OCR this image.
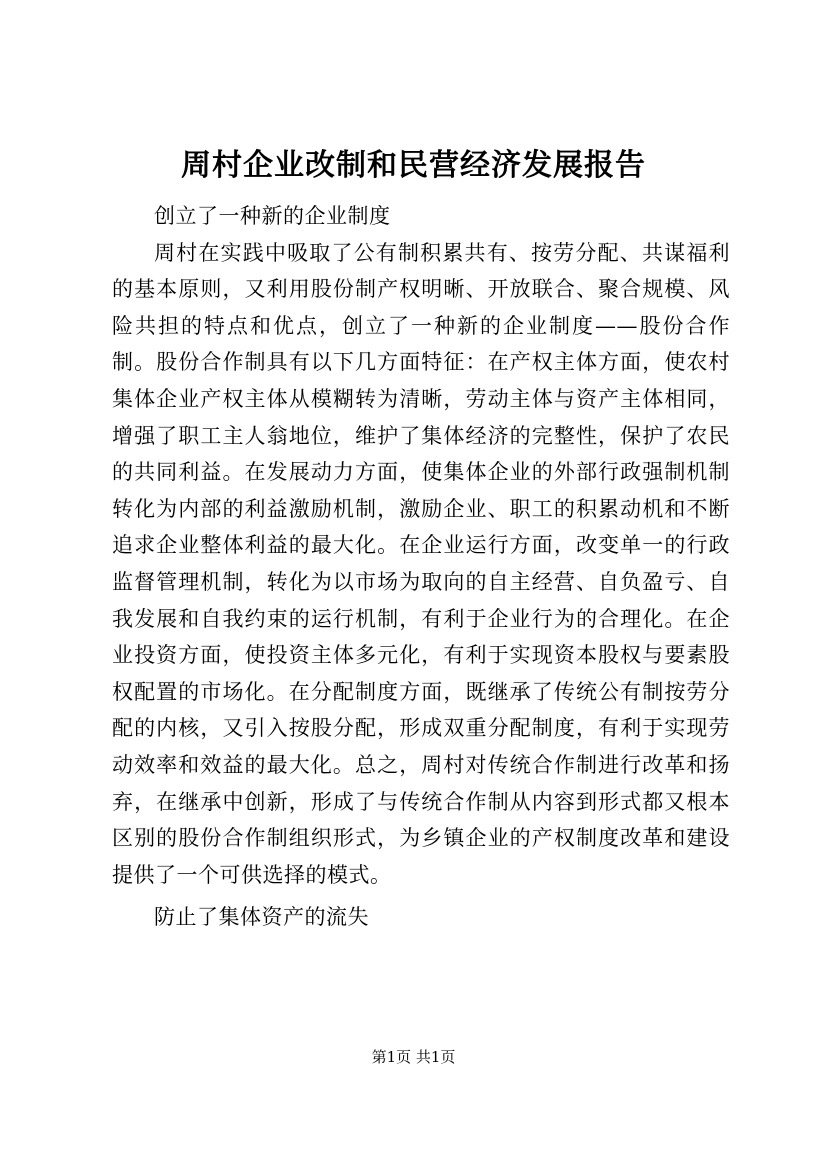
周村企业改制和民营经济发展报告

创立了一种新的企业制度

周村在实践中吸取了公有制积累共有、按劳分配、共谋福利的基本原则，又利用股份制产权明晰、开放联合、聚合规模、风险共担的特点和优点，创立了一种新的企业制度——股份合作制。股份合作制具有以下几方面特征：在产权主体方面，使农村集体企业产权主体从模糊转为清晰，劳动主体与资产主体相同，增强了职工主人翁地位，维护了集体经济的完整性，保护了农民的共同利益。在发展动力方面，使集体企业的外部行政强制机制转化为内部的利益激励机制，激励企业、职工的积累动机和不断追求企业整体利益的最大化。在企业运行方面，改变单一的行政监督管理机制，转化为以市场为取向的自主经营、自负盈亏、自我发展和自我约束的运行机制，有利于企业行为的合理化。在企业投资方面，使投资主体多元化，有利于实现资本股权与要素股权配置的市场化。在分配制度方面，既继承了传统公有制按劳分配的内核，又引入按股分配，形成双重分配制度，有利于实现劳动效率和效益的最大化。总之，周村对传统合作制进行改革和扬弃，在继承中创新，形成了与传统合作制从内容到形式都又根本区别的股份合作制组织形式，为乡镇企业的产权制度改革和建设提供了一个可供选择的模式。

防止了集体资产的流失

第1页 共1页
